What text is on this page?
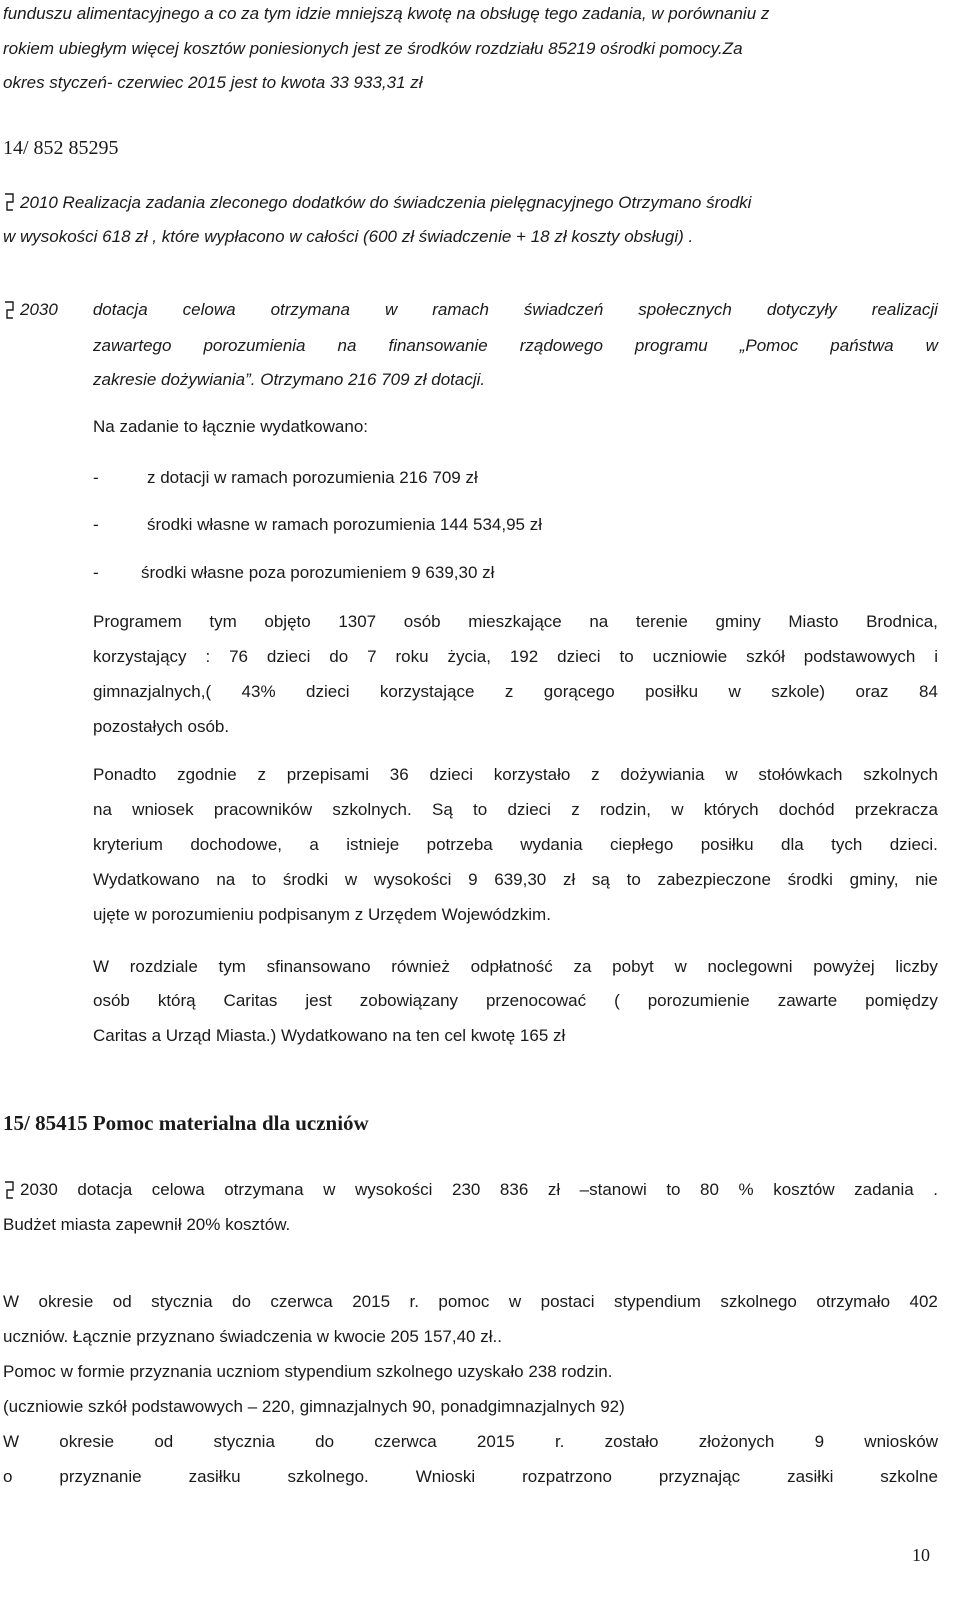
funduszu alimentacyjnego a co za tym idzie mniejszą kwotę na obsługę tego zadania, w porównaniu z
rokiem ubiegłym więcej kosztów poniesionych jest ze środków rozdziału 85219 ośrodki pomocy.Za
okres styczeń- czerwiec 2015 jest to kwota 33 933,31 zł
14/ 852 85295
2010 Realizacja zadania zleconego dodatków do świadczenia pielęgnacyjnego Otrzymano środki
w wysokości 618 zł , które wypłacono w całości (600 zł świadczenie + 18 zł koszty obsługi) .
2030 dotacja celowa otrzymana w ramach świadczeń społecznych dotyczyły realizacji
zawartego porozumienia na finansowanie rządowego programu „Pomoc państwa w
zakresie dożywiania”. Otrzymano 216 709 zł dotacji.
Na zadanie to łącznie wydatkowano:
-	z dotacji w ramach porozumienia 216 709 zł
-	środki własne w ramach porozumienia 144 534,95 zł
- środki własne poza porozumieniem 9 639,30 zł
Programem tym objęto 1307 osób mieszkające na terenie gminy Miasto Brodnica,
korzystający : 76 dzieci do 7 roku życia, 192 dzieci to uczniowie szkół podstawowych i
gimnazjalnych,( 43% dzieci korzystające z gorącego posiłku w szkole) oraz 84
pozostałych osób.
Ponadto zgodnie z przepisami 36 dzieci korzystało z dożywiania w stołówkach szkolnych
na wniosek pracowników szkolnych. Są to dzieci z rodzin, w których dochód przekracza
kryterium dochodowe, a istnieje potrzeba wydania ciepłego posiłku dla tych dzieci.
Wydatkowano na to środki w wysokości 9 639,30 zł są to zabezpieczone środki gminy, nie
ujęte w porozumieniu podpisanym z Urzędem Wojewódzkim.
W rozdziale tym sfinansowano również odpłatność za pobyt w noclegowni powyżej liczby
osób którą Caritas jest zobowiązany przenocować ( porozumienie zawarte pomiędzy
Caritas a Urząd Miasta.) Wydatkowano na ten cel kwotę 165 zł
15/ 85415 Pomoc materialna dla uczniów
2030 dotacja celowa otrzymana w wysokości 230 836 zł –stanowi to 80 % kosztów zadania .
Budżet miasta zapewnił 20% kosztów.
W okresie od stycznia do czerwca 2015 r. pomoc w postaci stypendium szkolnego otrzymało 402
uczniów. Łącznie przyznano świadczenia w kwocie 205 157,40 zł..
Pomoc w formie przyznania uczniom stypendium szkolnego uzyskało 238 rodzin.
(uczniowie szkół podstawowych – 220, gimnazjalnych 90, ponadgimnazjalnych 92)
W okresie od stycznia do czerwca 2015 r. zostało złożonych 9 wniosków
o	przyznanie	zasiłku	szkolnego.	Wnioski	rozpatrzono	przyznając	zasiłki	szkolne
10
